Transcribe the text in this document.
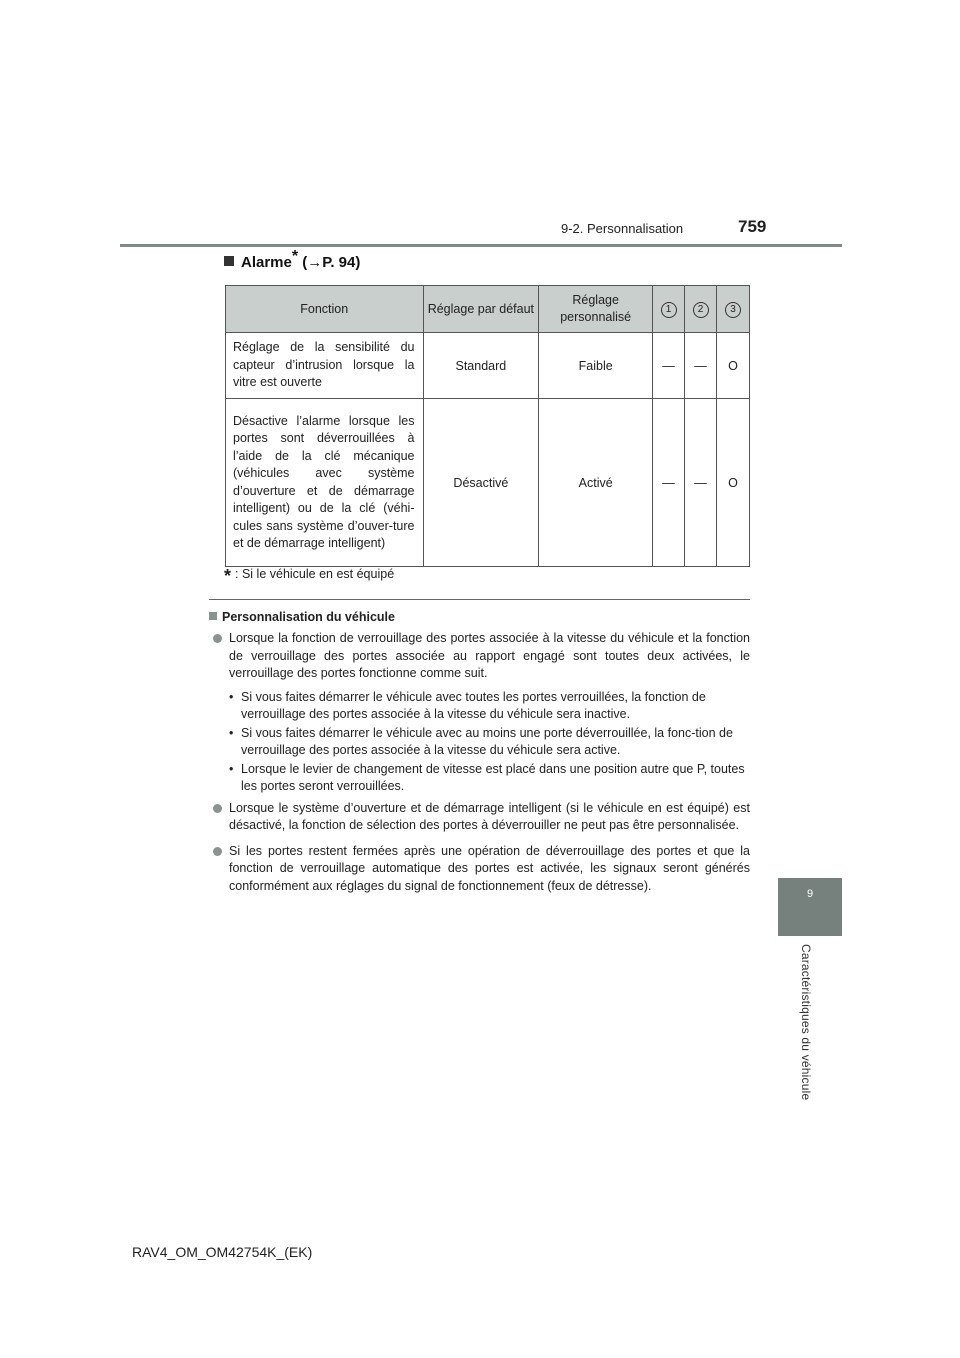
9-2. Personnalisation	759
9
Caractéristiques du véhicule
Alarme* (→P. 94)
Fonction	Réglage par défaut	Réglage personnalisé	1	2	3
Réglage de la sensibilité du capteur d’intrusion lorsque la vitre est ouverte	Standard	Faible	—	—	O
Désactive l’alarme lorsque les portes sont déverrouillées à l’aide de la clé mécanique (véhicules avec système d’ouverture et de démarrage intelligent) ou de la clé (véhi-cules sans système d’ouver-ture et de démarrage intelligent)	Désactivé	Activé	—	—	O
* : Si le véhicule en est équipé
Personnalisation du véhicule
Lorsque la fonction de verrouillage des portes associée à la vitesse du véhicule et la fonction de verrouillage des portes associée au rapport engagé sont toutes deux activées, le verrouillage des portes fonctionne comme suit.
• Si vous faites démarrer le véhicule avec toutes les portes verrouillées, la fonction de verrouillage des portes associée à la vitesse du véhicule sera inactive.
• Si vous faites démarrer le véhicule avec au moins une porte déverrouillée, la fonc-tion de verrouillage des portes associée à la vitesse du véhicule sera active.
• Lorsque le levier de changement de vitesse est placé dans une position autre que P, toutes les portes seront verrouillées.
Lorsque le système d’ouverture et de démarrage intelligent (si le véhicule en est équipé) est désactivé, la fonction de sélection des portes à déverrouiller ne peut pas être personnalisée.
Si les portes restent fermées après une opération de déverrouillage des portes et que la fonction de verrouillage automatique des portes est activée, les signaux seront générés conformément aux réglages du signal de fonctionnement (feux de détresse).
RAV4_OM_OM42754K_(EK)
